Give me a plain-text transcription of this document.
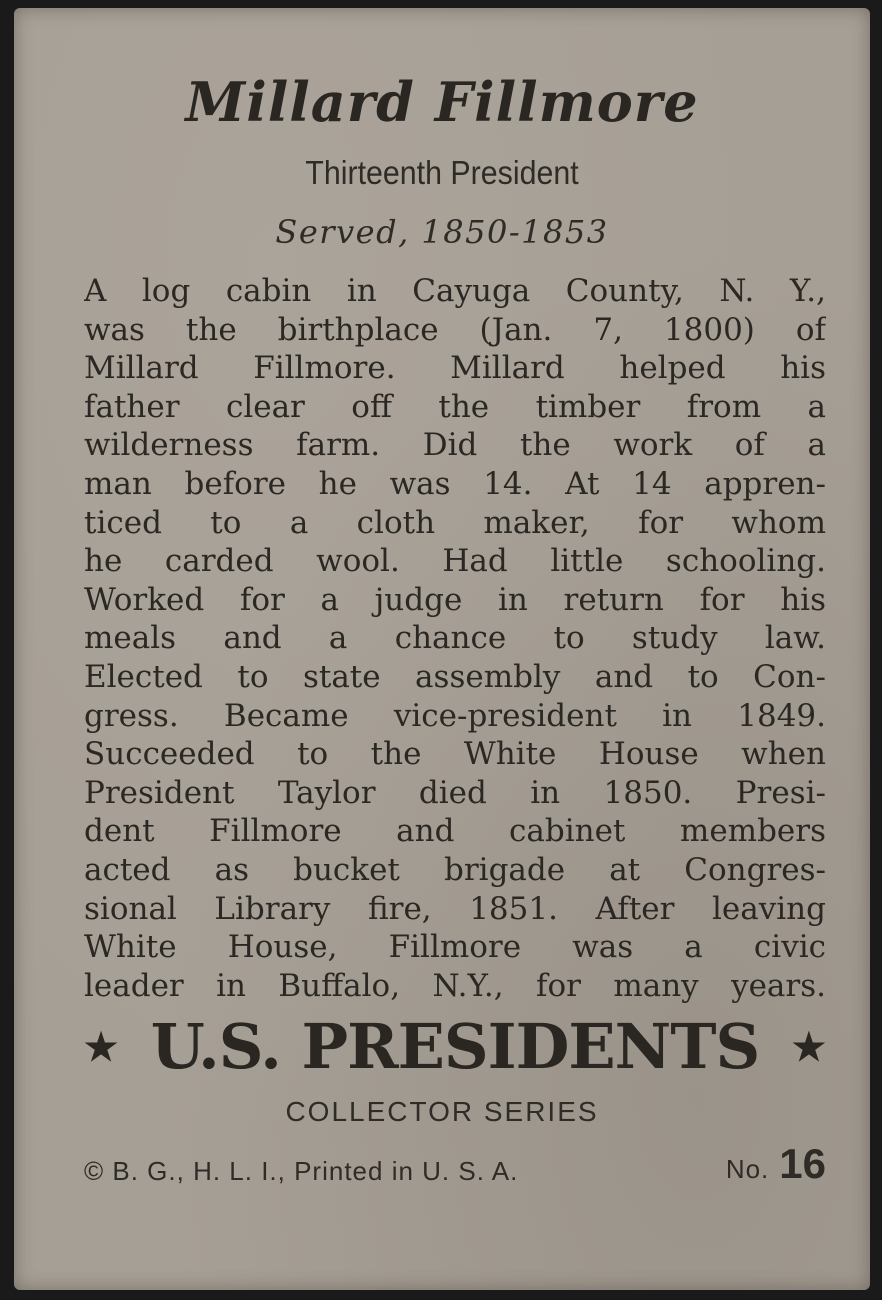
Millard Fillmore
Thirteenth President
Served, 1850-1853
A log cabin in Cayuga County, N. Y.,
was the birthplace (Jan. 7, 1800) of
Millard Fillmore. Millard helped his
father clear off the timber from a
wilderness farm. Did the work of a
man before he was 14. At 14 appren-
ticed to a cloth maker, for whom
he carded wool. Had little schooling.
Worked for a judge in return for his
meals and a chance to study law.
Elected to state assembly and to Con-
gress. Became vice-president in 1849.
Succeeded to the White House when
President Taylor died in 1850. Presi-
dent Fillmore and cabinet members
acted as bucket brigade at Congres-
sional Library fire, 1851. After leaving
White House, Fillmore was a civic
leader in Buffalo, N.Y., for many years.
★ U.S. PRESIDENTS ★
COLLECTOR SERIES
© B. G., H. L. I., Printed in U. S. A.	No. 16
